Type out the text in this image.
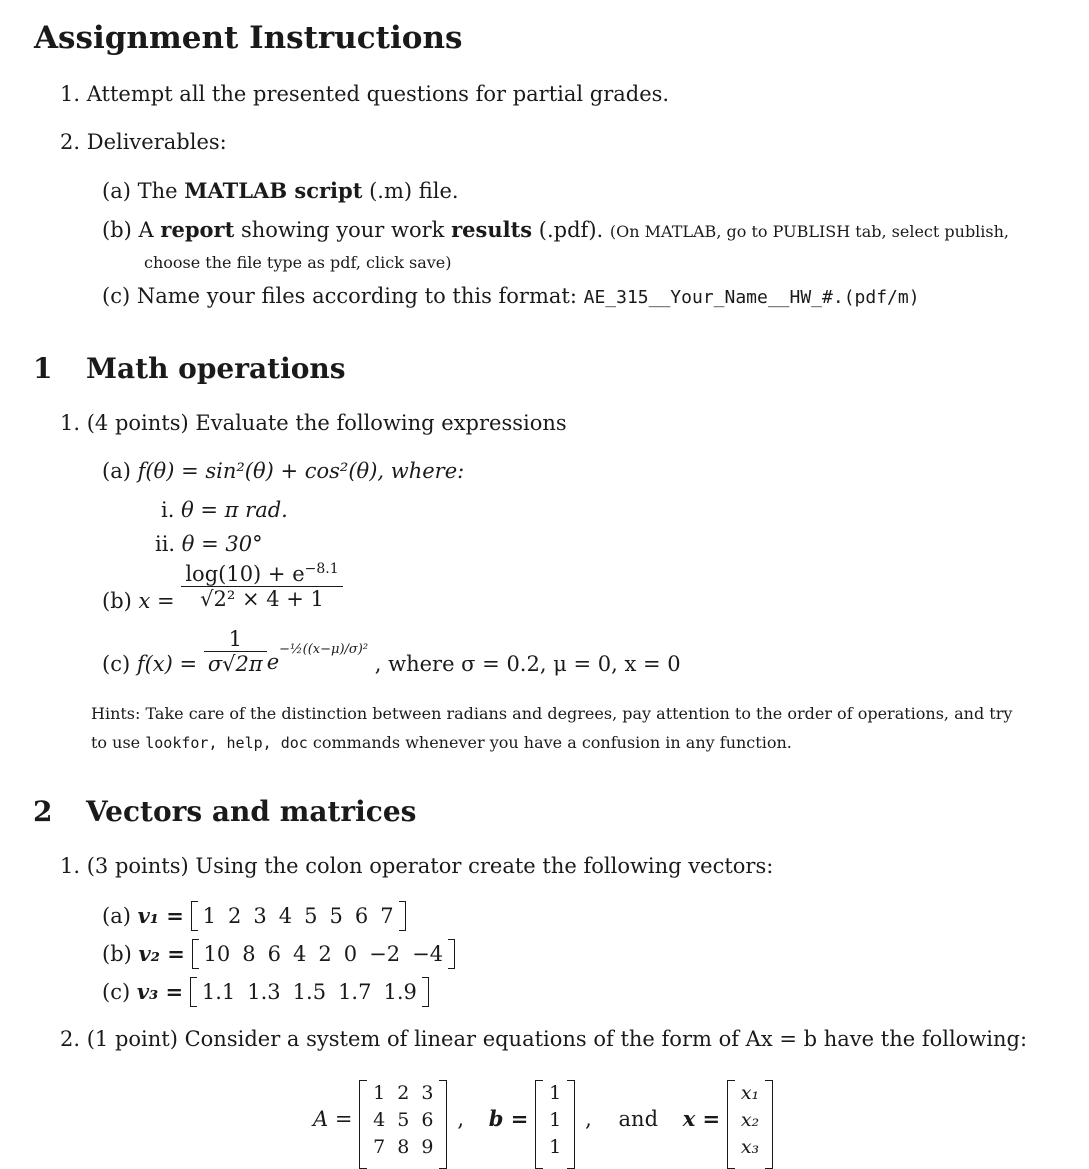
Assignment Instructions
1. Attempt all the presented questions for partial grades.
2. Deliverables:
(a) The MATLAB script (.m) file.
(b) A report showing your work results (.pdf). (On MATLAB, go to PUBLISH tab, select publish,
choose the file type as pdf, click save)
(c) Name your files according to this format: AE_315__Your_Name__HW_#.(pdf/m)
1 Math operations
1. (4 points) Evaluate the following expressions
(a) f(θ) = sin²(θ) + cos²(θ), where:
i. θ = π rad.
ii. θ = 30°
(b) $x = \frac{\log(10) + e^{-8.1}}{\text{√2² × 4 + 1}}$
(c) $f(x) = \frac{1}{\sigma√2\pi} e^{-\frac{1}{2}((x-\mu)/\sigma)^2}$ , where σ = 0.2, μ = 0, x = 0
Hints: Take care of the distinction between radians and degrees, pay attention to the order of operations, and try
to use lookfor, help, doc commands whenever you have a confusion in any function.
2 Vectors and matrices
1. (3 points) Using the colon operator create the following vectors:
(a) v₁ = 1 2 3 4 5 5 6 7
(b) v₂ = 10 8 6 4 2 0 −2 −4
(c) v₃ = 1.1 1.3 1.5 1.7 1.9
2. (1 point) Consider a system of linear equations of the form of Ax = b have the following:
A =
1	2	3
4	5	6
7	8	9
, b =
1
1
1
, and x =
x₁
x₂
x₃
